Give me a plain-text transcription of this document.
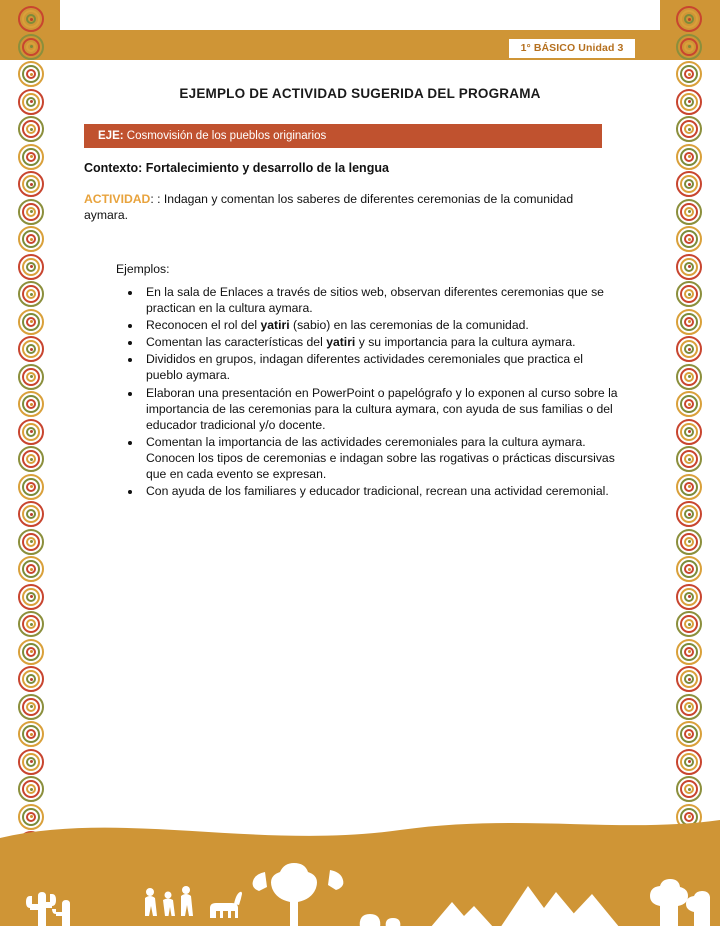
1° BÁSICO Unidad 3
EJEMPLO DE ACTIVIDAD SUGERIDA DEL PROGRAMA
EJE: Cosmovisión de los pueblos originarios
Contexto: Fortalecimiento y desarrollo de la lengua
ACTIVIDAD: : Indagan y comentan los saberes de diferentes ceremonias de la comunidad aymara.
Ejemplos:
• En la sala de Enlaces a través de sitios web, observan diferentes ceremonias que se practican en la cultura aymara.
• Reconocen el rol del yatiri (sabio) en las ceremonias de la comunidad.
• Comentan las características del yatiri y su importancia para la cultura aymara.
• Divididos en grupos, indagan diferentes actividades ceremoniales que practica el pueblo aymara.
• Elaboran una presentación en PowerPoint o papelógrafo y lo exponen al curso sobre la importancia de las ceremonias para la cultura aymara, con ayuda de sus familias o del educador tradicional y/o docente.
• Comentan la importancia de las actividades ceremoniales para la cultura aymara. Conocen los tipos de ceremonias e indagan sobre las rogativas o prácticas discursivas que en cada evento se expresan.
• Con ayuda de los familiares y educador tradicional, recrean una actividad ceremonial.
